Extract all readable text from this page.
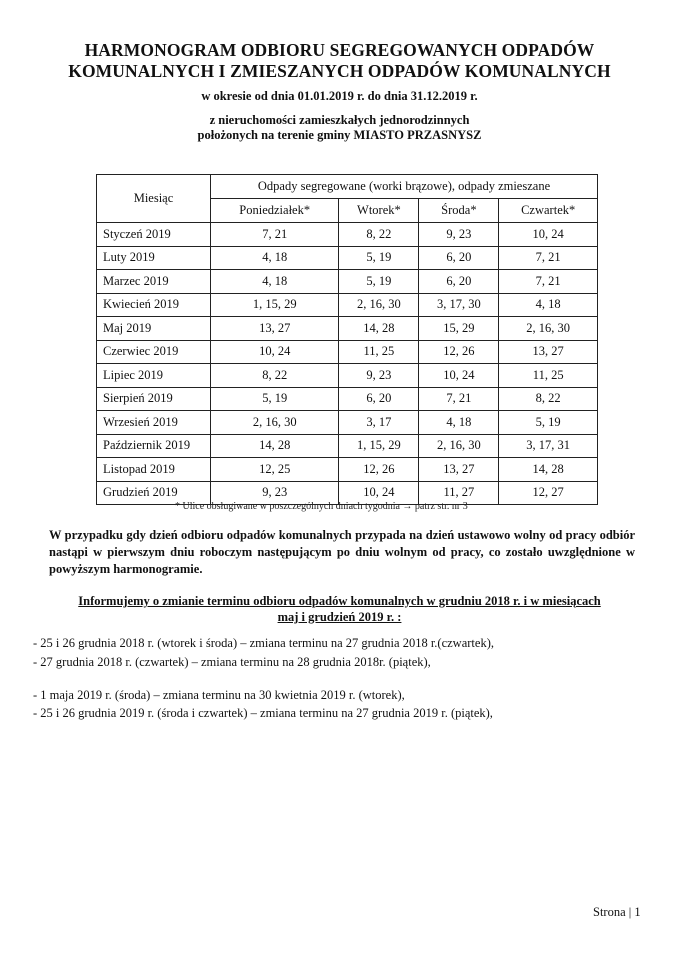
HARMONOGRAM ODBIORU SEGREGOWANYCH ODPADÓW
KOMUNALNYCH I ZMIESZANYCH ODPADÓW KOMUNALNYCH
w okresie od dnia 01.01.2019 r. do dnia 31.12.2019 r.
z nieruchomości zamieszkałych jednorodzinnych
położonych na terenie gminy MIASTO PRZASNYSZ
Miesiąc	Odpady segregowane (worki brązowe), odpady zmieszane			
	Poniedziałek*	Wtorek*	Środa*	Czwartek*
Styczeń 2019	7, 21	8, 22	9, 23	10, 24
Luty 2019	4, 18	5, 19	6, 20	7, 21
Marzec 2019	4, 18	5, 19	6, 20	7, 21
Kwiecień 2019	1, 15, 29	2, 16, 30	3, 17, 30	4, 18
Maj 2019	13, 27	14, 28	15, 29	2, 16, 30
Czerwiec 2019	10, 24	11, 25	12, 26	13, 27
Lipiec 2019	8, 22	9, 23	10, 24	11, 25
Sierpień 2019	5, 19	6, 20	7, 21	8, 22
Wrzesień 2019	2, 16, 30	3, 17	4, 18	5, 19
Październik 2019	14, 28	1, 15, 29	2, 16, 30	3, 17, 31
Listopad 2019	12, 25	12, 26	13, 27	14, 28
Grudzień 2019	9, 23	10, 24	11, 27	12, 27
* Ulice obsługiwane w poszczególnych dniach tygodnia → patrz str. nr 3
W przypadku gdy dzień odbioru odpadów komunalnych przypada na dzień ustawowo wolny od pracy odbiór nastąpi w pierwszym dniu roboczym następującym po dniu wolnym od pracy, co zostało uwzględnione w powyższym harmonogramie.
Informujemy o zmianie terminu odbioru odpadów komunalnych w grudniu 2018 r. i w miesiącach
maj i grudzień 2019 r. :
- 25 i 26 grudnia 2018 r. (wtorek i środa) – zmiana terminu na 27 grudnia 2018 r.(czwartek),
- 27 grudnia 2018 r. (czwartek) – zmiana terminu na 28 grudnia 2018r. (piątek),
- 1 maja 2019 r. (środa) – zmiana terminu na 30 kwietnia 2019 r. (wtorek),
- 25 i 26 grudnia 2019 r. (środa i czwartek) – zmiana terminu na 27 grudnia 2019 r. (piątek),
Strona | 1
